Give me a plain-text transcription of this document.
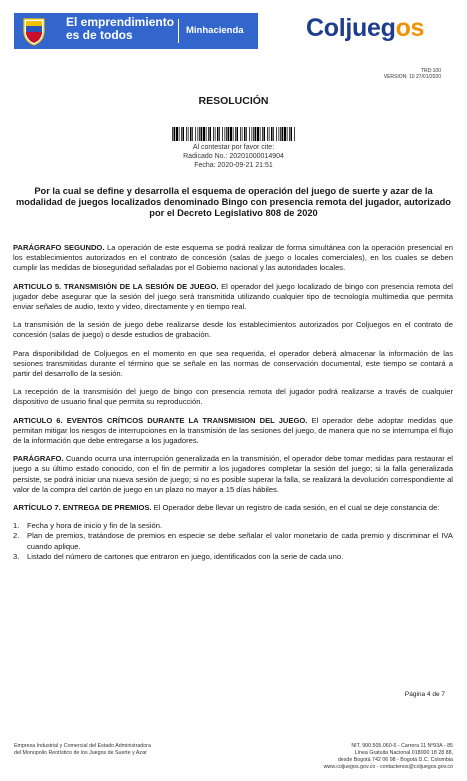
El emprendimiento
es de todos	Minhacienda Coljuegos
TRD:100
VERSION: 10 27/01/2020
RESOLUCIÓN
Al contestar por favor cite:
Radicado No.: 20201000014904
Fecha: 2020-09-21 21:51
Por la cual se define y desarrolla el esquema de operación del juego de suerte y azar de la modalidad de juegos localizados denominado Bingo con presencia remota del jugador, autorizado por el Decreto Legislativo 808 de 2020

PARÁGRAFO SEGUNDO. La operación de este esquema se podrá realizar de forma simultánea con la operación presencial en los establecimientos autorizados en el contrato de concesión (salas de juego o locales comerciales), en los cuales se deben cumplir las medidas de bioseguridad señaladas por el Gobierno nacional y las autoridades locales.

ARTICULO 5. TRANSMISIÓN DE LA SESIÓN DE JUEGO. El operador del juego localizado de bingo con presencia remota del jugador debe asegurar que la sesión del juego será transmitida utilizando cualquier tipo de tecnología multimedia que permita enviar señales de audio, texto y video, directamente y en tiempo real.

La transmisión de la sesión de juego debe realizarse desde los establecimientos autorizados por Coljuegos en el contrato de concesión (salas de juego) o desde estudios de grabación.

Para disponibilidad de Coljuegos en el momento en que sea requerida, el operador deberá almacenar la información de las sesiones transmitidas durante el término que se señale en las normas de conservación documental, este tiempo se contará a partir del desarrollo de la sesión.

La recepción de la transmisión del juego de bingo con presencia remota del jugador podrá realizarse a través de cualquier dispositivo de usuario final que permita su reproducción.

ARTICULO 6. EVENTOS CRÍTICOS DURANTE LA TRANSMISION DEL JUEGO. El operador debe adoptar medidas que permitan mitigar los riesgos de interrupciones en la transmisión de las sesiones del juego, de manera que no se interrumpa el flujo de la información que debe entregarse a los jugadores.

PARÁGRAFO. Cuando ocurra una interrupción generalizada en la transmisión, el operador debe tomar medidas para restaurar el juego a su último estado conocido, con el fin de permitir a los jugadores completar la sesión del juego; si la falla generalizada persiste, se podrá iniciar una nueva sesión de juego; si no es posible superar la falla, se realizará la devolución correspondiente al valor de la compra del cartón de juego en un plazo no mayor a 15 días hábiles.

ARTÍCULO 7. ENTREGA DE PREMIOS. El Operador debe llevar un registro de cada sesión, en el cual se deje constancia de:

1. Fecha y hora de inicio y fin de la sesión.
2. Plan de premios, tratándose de premios en especie se debe señalar el valor monetario de cada premio y discriminar el IVA cuando aplique.
3. Listado del número de cartones que entraron en juego, identificados con la serie de cada uno.
Página 4 de 7
Empresa Industrial y Comercial del Estado Administradora
del Monopolio Rentístico de los Juegos de Suerte y Azar
NIT. 900.505.060-5 - Carrera 11 Nº93A - 85
Línea Gratuita Nacional 018000 18 28 88,
desde Bogotá 742 06 98 - Bogotá D.C. Colombia
www.coljuegos.gov.co - contactenos@coljuegos.gov.co
